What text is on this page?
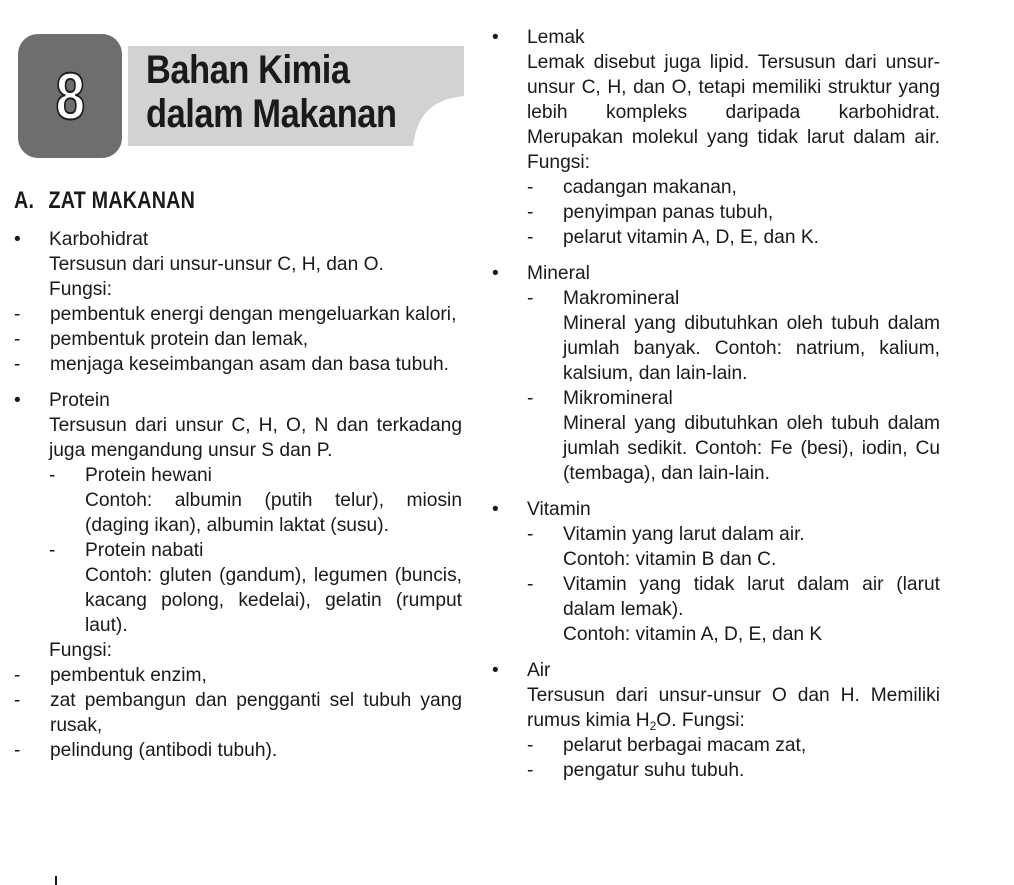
8 Bahan Kimia
dalam Makanan
A. ZAT MAKANAN
•	Karbohidrat
Tersusun dari unsur-unsur C, H, dan O.
Fungsi:
- pembentuk energi dengan mengeluarkan kalori,
- pembentuk protein dan lemak,
- menjaga keseimbangan asam dan basa tubuh.
•	Protein
Tersusun dari unsur C, H, O, N dan terkadang juga mengandung unsur S dan P.
- Protein hewani
Contoh: albumin (putih telur), miosin (daging ikan), albumin laktat (susu).
- Protein nabati
Contoh: gluten (gandum), legumen (buncis, kacang polong, kedelai), gelatin (rumput laut).
Fungsi:
- pembentuk enzim,
- zat pembangun dan pengganti sel tubuh yang rusak,
- pelindung (antibodi tubuh).
•	Lemak
Lemak disebut juga lipid. Tersusun dari unsur-unsur C, H, dan O, tetapi memiliki struktur yang lebih kompleks daripada karbohidrat. Merupakan molekul yang tidak larut dalam air. Fungsi:
- cadangan makanan,
- penyimpan panas tubuh,
- pelarut vitamin A, D, E, dan K.
•	Mineral
- Makromineral
Mineral yang dibutuhkan oleh tubuh dalam jumlah banyak. Contoh: natrium, kalium, kalsium, dan lain-lain.
- Mikromineral
Mineral yang dibutuhkan oleh tubuh dalam jumlah sedikit. Contoh: Fe (besi), iodin, Cu (tembaga), dan lain-lain.
•	Vitamin
- Vitamin yang larut dalam air.
Contoh: vitamin B dan C.
- Vitamin yang tidak larut dalam air (larut dalam lemak).
Contoh: vitamin A, D, E, dan K
•	Air
Tersusun dari unsur-unsur O dan H. Memiliki rumus kimia $H_2O$. Fungsi:
- pelarut berbagai macam zat,
- pengatur suhu tubuh.
